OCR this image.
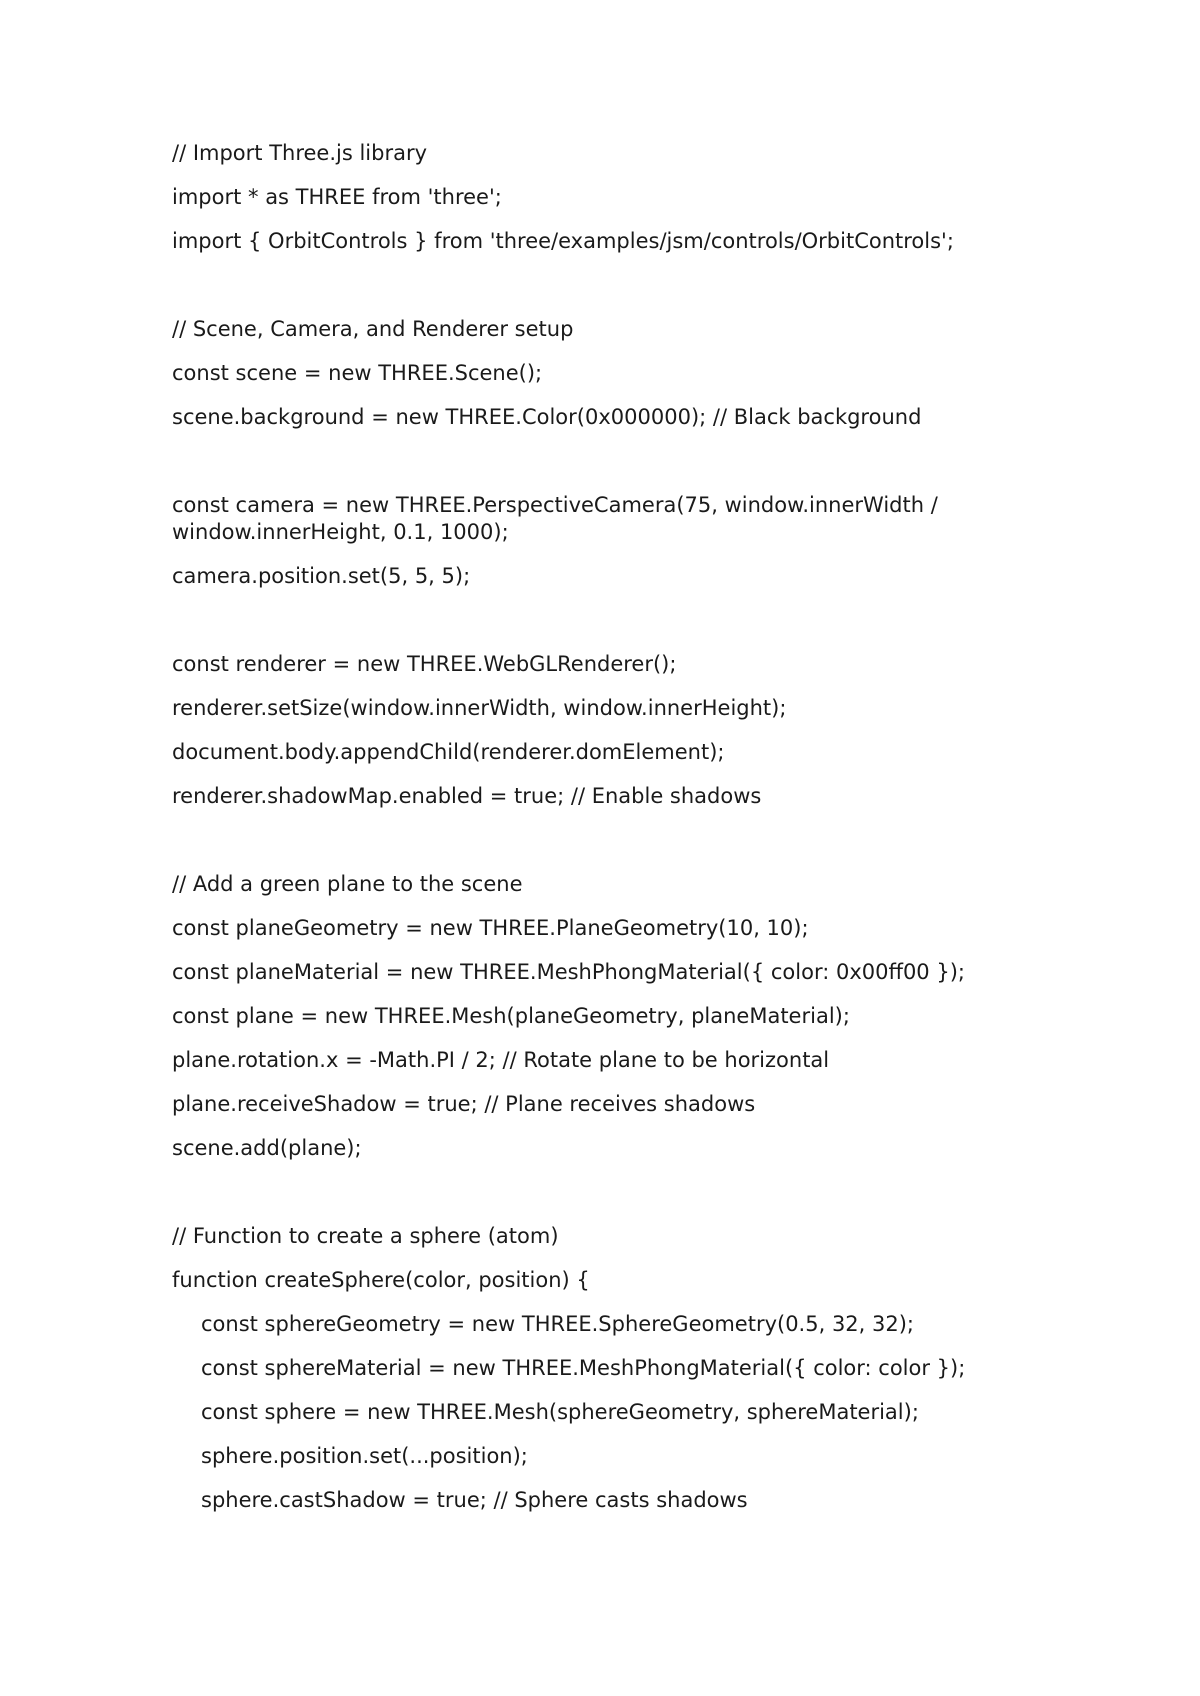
// Import Three.js library
import * as THREE from 'three';
import { OrbitControls } from 'three/examples/jsm/controls/OrbitControls';
// Scene, Camera, and Renderer setup
const scene = new THREE.Scene();
scene.background = new THREE.Color(0x000000); // Black background
const camera = new THREE.PerspectiveCamera(75, window.innerWidth / window.innerHeight, 0.1, 1000);
camera.position.set(5, 5, 5);
const renderer = new THREE.WebGLRenderer();
renderer.setSize(window.innerWidth, window.innerHeight);
document.body.appendChild(renderer.domElement);
renderer.shadowMap.enabled = true; // Enable shadows
// Add a green plane to the scene
const planeGeometry = new THREE.PlaneGeometry(10, 10);
const planeMaterial = new THREE.MeshPhongMaterial({ color: 0x00ff00 });
const plane = new THREE.Mesh(planeGeometry, planeMaterial);
plane.rotation.x = -Math.PI / 2; // Rotate plane to be horizontal
plane.receiveShadow = true; // Plane receives shadows
scene.add(plane);
// Function to create a sphere (atom)
function createSphere(color, position) {
const sphereGeometry = new THREE.SphereGeometry(0.5, 32, 32);
const sphereMaterial = new THREE.MeshPhongMaterial({ color: color });
const sphere = new THREE.Mesh(sphereGeometry, sphereMaterial);
sphere.position.set(...position);
sphere.castShadow = true; // Sphere casts shadows
